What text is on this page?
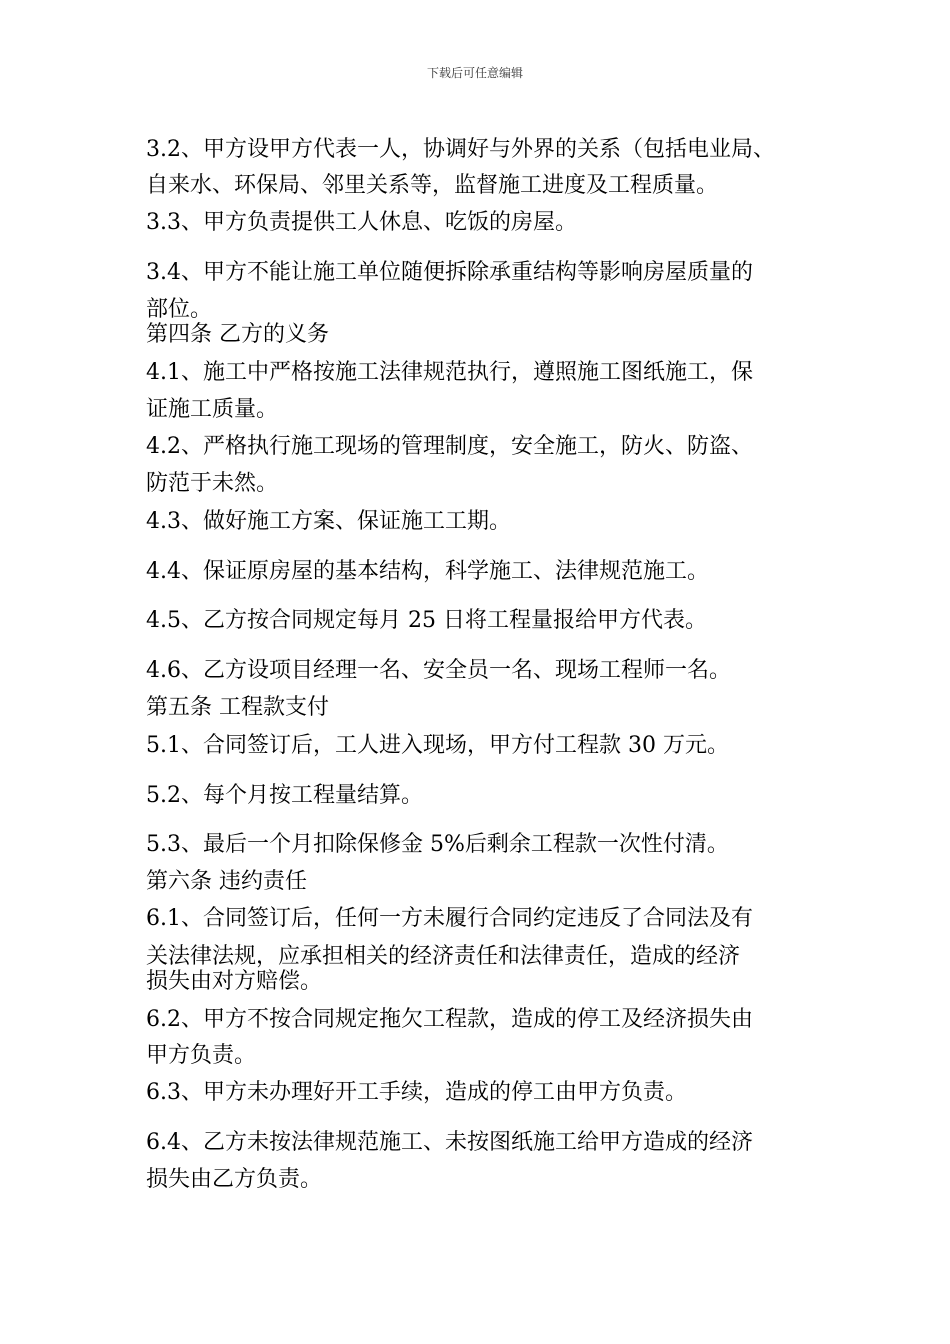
下载后可任意编辑
3.2、甲方设甲方代表一人，协调好与外界的关系（包括电业局、
自来水、环保局、邻里关系等，监督施工进度及工程质量。
3.3、甲方负责提供工人休息、吃饭的房屋。
3.4、甲方不能让施工单位随便拆除承重结构等影响房屋质量的
部位。
第四条 乙方的义务
4.1、施工中严格按施工法律规范执行，遵照施工图纸施工，保
证施工质量。
4.2、严格执行施工现场的管理制度，安全施工，防火、防盗、
防范于未然。
4.3、做好施工方案、保证施工工期。
4.4、保证原房屋的基本结构，科学施工、法律规范施工。
4.5、乙方按合同规定每月 25 日将工程量报给甲方代表。
4.6、乙方设项目经理一名、安全员一名、现场工程师一名。
第五条 工程款支付
5.1、合同签订后，工人进入现场，甲方付工程款 30 万元。
5.2、每个月按工程量结算。
5.3、最后一个月扣除保修金 5%后剩余工程款一次性付清。
第六条 违约责任
6.1、合同签订后，任何一方未履行合同约定违反了合同法及有
关法律法规，应承担相关的经济责任和法律责任，造成的经济
损失由对方赔偿。
6.2、甲方不按合同规定拖欠工程款，造成的停工及经济损失由
甲方负责。
6.3、甲方未办理好开工手续，造成的停工由甲方负责。
6.4、乙方未按法律规范施工、未按图纸施工给甲方造成的经济
损失由乙方负责。
